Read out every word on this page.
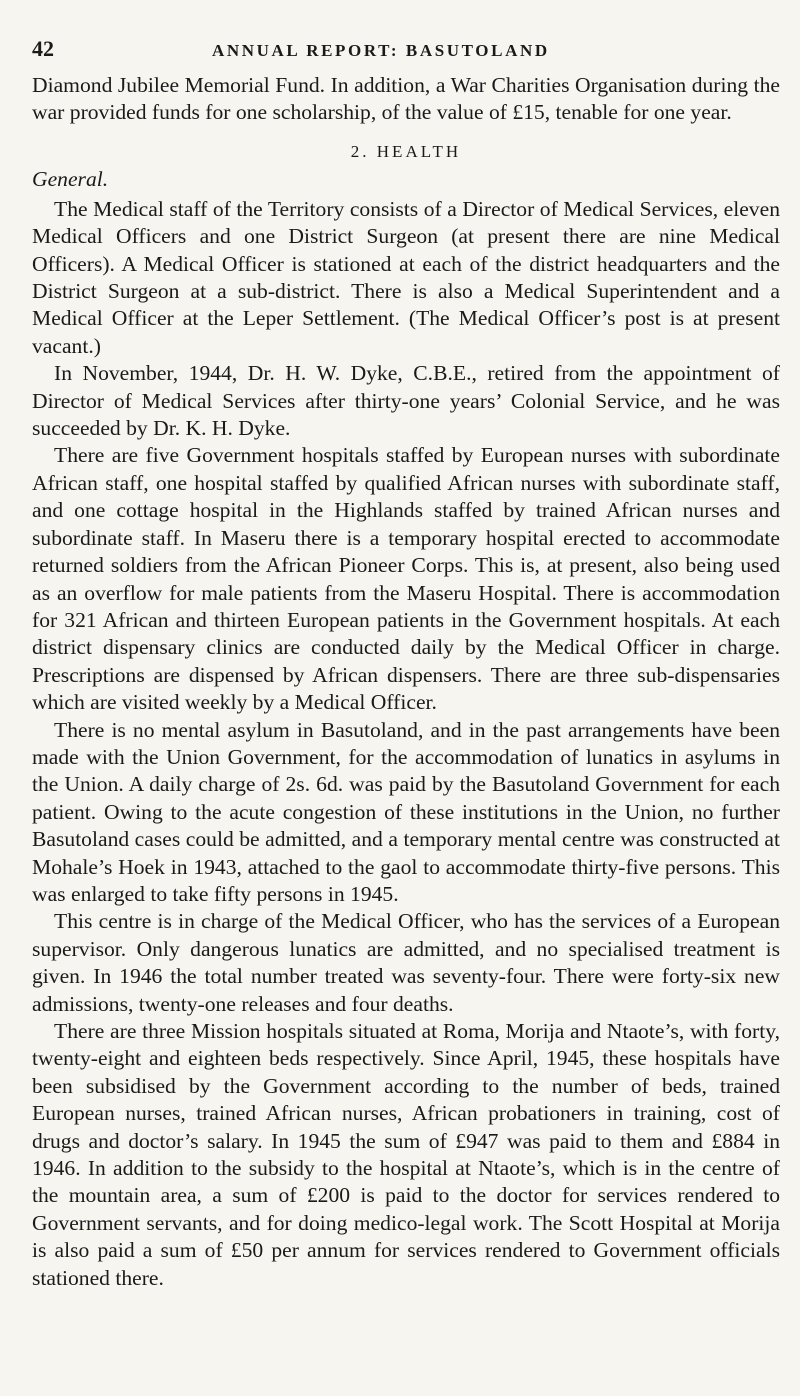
42	ANNUAL REPORT: BASUTOLAND

Diamond Jubilee Memorial Fund. In addition, a War Charities Organisation during the war provided funds for one scholarship, of the value of £15, tenable for one year.

2. HEALTH
General.

The Medical staff of the Territory consists of a Director of Medical Services, eleven Medical Officers and one District Surgeon (at present there are nine Medical Officers). A Medical Officer is stationed at each of the district headquarters and the District Surgeon at a sub-district. There is also a Medical Superintendent and a Medical Officer at the Leper Settlement. (The Medical Officer’s post is at present vacant.)

In November, 1944, Dr. H. W. Dyke, C.B.E., retired from the appointment of Director of Medical Services after thirty-one years’ Colonial Service, and he was succeeded by Dr. K. H. Dyke.

There are five Government hospitals staffed by European nurses with subordinate African staff, one hospital staffed by qualified African nurses with subordinate staff, and one cottage hospital in the Highlands staffed by trained African nurses and subordinate staff. In Maseru there is a temporary hospital erected to accommodate returned soldiers from the African Pioneer Corps. This is, at present, also being used as an overflow for male patients from the Maseru Hospital. There is accommodation for 321 African and thirteen European patients in the Government hospitals. At each district dispensary clinics are conducted daily by the Medical Officer in charge. Prescriptions are dispensed by African dispensers. There are three sub-dispensaries which are visited weekly by a Medical Officer.

There is no mental asylum in Basutoland, and in the past arrangements have been made with the Union Government, for the accommodation of lunatics in asylums in the Union. A daily charge of 2s. 6d. was paid by the Basutoland Government for each patient. Owing to the acute congestion of these institutions in the Union, no further Basutoland cases could be admitted, and a temporary mental centre was constructed at Mohale’s Hoek in 1943, attached to the gaol to accommodate thirty-five persons. This was enlarged to take fifty persons in 1945.

This centre is in charge of the Medical Officer, who has the services of a European supervisor. Only dangerous lunatics are admitted, and no specialised treatment is given. In 1946 the total number treated was seventy-four. There were forty-six new admissions, twenty-one releases and four deaths.

There are three Mission hospitals situated at Roma, Morija and Ntaote’s, with forty, twenty-eight and eighteen beds respectively. Since April, 1945, these hospitals have been subsidised by the Government according to the number of beds, trained European nurses, trained African nurses, African probationers in training, cost of drugs and doctor’s salary. In 1945 the sum of £947 was paid to them and £884 in 1946. In addition to the subsidy to the hospital at Ntaote’s, which is in the centre of the mountain area, a sum of £200 is paid to the doctor for services rendered to Government servants, and for doing medico-legal work. The Scott Hospital at Morija is also paid a sum of £50 per annum for services rendered to Government officials stationed there.
